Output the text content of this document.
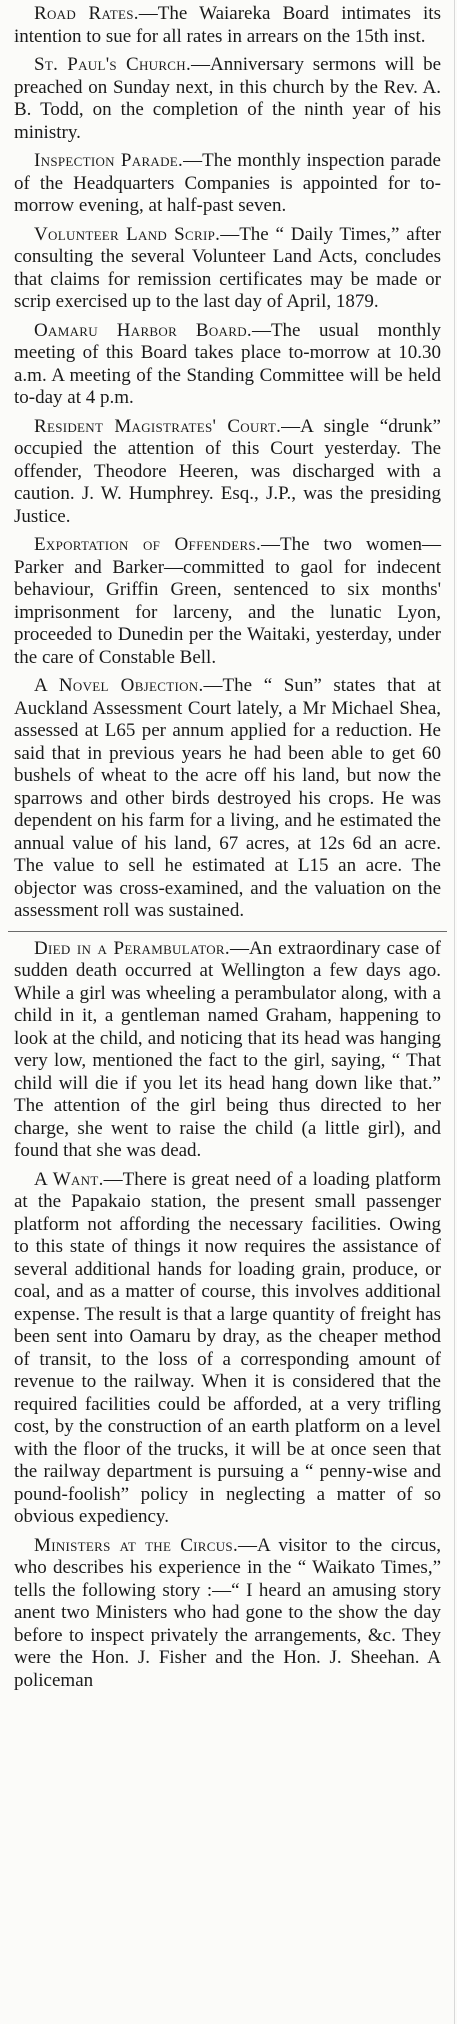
Road Rates.—The Waiareka Board intimates its intention to sue for all rates in arrears on the 15th inst.

St. Paul's Church.—Anniversary sermons will be preached on Sunday next, in this church by the Rev. A. B. Todd, on the completion of the ninth year of his ministry.

Inspection Parade.—The monthly inspection parade of the Headquarters Companies is appointed for to-morrow evening, at half-past seven.

Volunteer Land Scrip.—The “ Daily Times,” after consulting the several Volunteer Land Acts, concludes that claims for remission certificates may be made or scrip exercised up to the last day of April, 1879.

Oamaru Harbor Board.—The usual monthly meeting of this Board takes place to-morrow at 10.30 a.m. A meeting of the Standing Committee will be held to-day at 4 p.m.

Resident Magistrates' Court.—A single “drunk” occupied the attention of this Court yesterday. The offender, Theodore Heeren, was discharged with a caution. J. W. Humphrey. Esq., J.P., was the presiding Justice.

Exportation of Offenders.—The two women—Parker and Barker—committed to gaol for indecent behaviour, Griffin Green, sentenced to six months' imprisonment for larceny, and the lunatic Lyon, proceeded to Dunedin per the Waitaki, yesterday, under the care of Constable Bell.

A Novel Objection.—The “ Sun” states that at Auckland Assessment Court lately, a Mr Michael Shea, assessed at L65 per annum applied for a reduction. He said that in previous years he had been able to get 60 bushels of wheat to the acre off his land, but now the sparrows and other birds destroyed his crops. He was dependent on his farm for a living, and he estimated the annual value of his land, 67 acres, at 12s 6d an acre. The value to sell he estimated at L15 an acre. The objector was cross-examined, and the valuation on the assessment roll was sustained.

Died in a Perambulator.—An extraordinary case of sudden death occurred at Wellington a few days ago. While a girl was wheeling a perambulator along, with a child in it, a gentleman named Graham, happening to look at the child, and noticing that its head was hanging very low, mentioned the fact to the girl, saying, “ That child will die if you let its head hang down like that.” The attention of the girl being thus directed to her charge, she went to raise the child (a little girl), and found that she was dead.

A Want.—There is great need of a loading platform at the Papakaio station, the present small passenger platform not affording the necessary facilities. Owing to this state of things it now requires the assistance of several additional hands for loading grain, produce, or coal, and as a matter of course, this involves additional expense. The result is that a large quantity of freight has been sent into Oamaru by dray, as the cheaper method of transit, to the loss of a corresponding amount of revenue to the railway. When it is considered that the required facilities could be afforded, at a very trifling cost, by the construction of an earth platform on a level with the floor of the trucks, it will be at once seen that the railway department is pursuing a “ penny-wise and pound-foolish” policy in neglecting a matter of so obvious expediency.

Ministers at the Circus.—A visitor to the circus, who describes his experience in the “ Waikato Times,” tells the following story :—“ I heard an amusing story anent two Ministers who had gone to the show the day before to inspect privately the arrangements, &c. They were the Hon. J. Fisher and the Hon. J. Sheehan. A policeman
